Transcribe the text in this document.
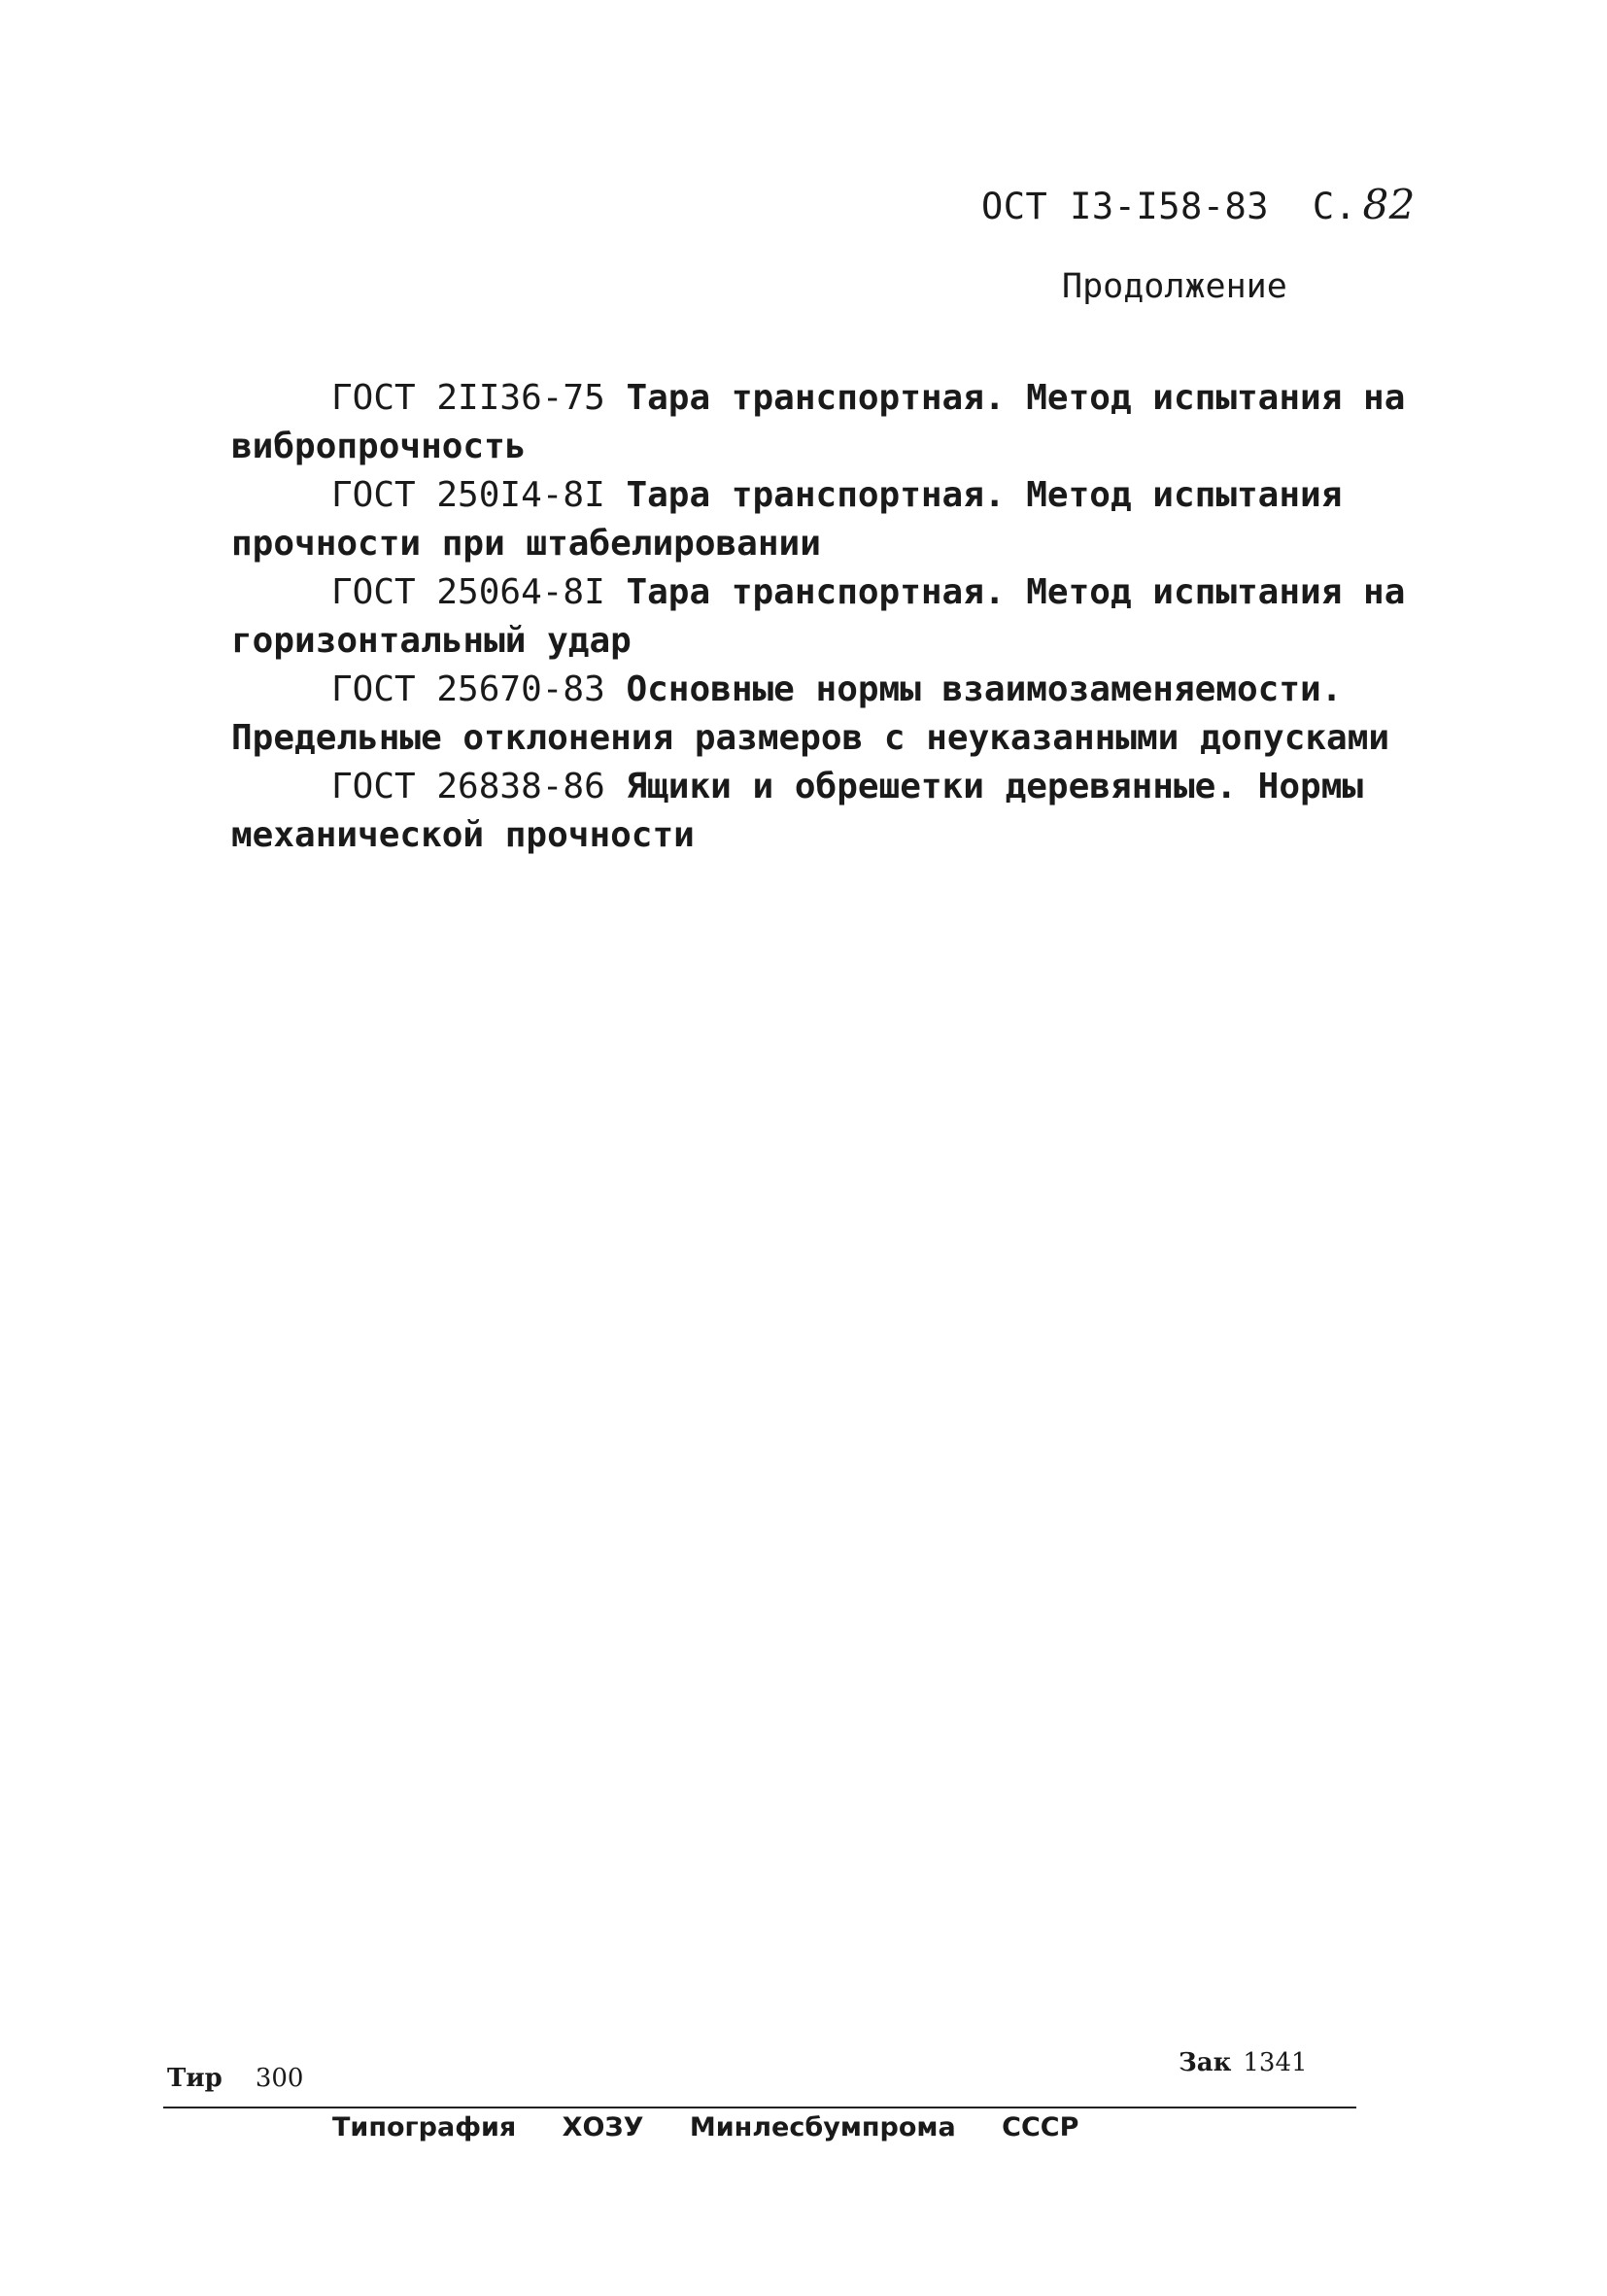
ОСТ I3-I58-83 С. 82
Продолжение

ГОСТ 2II36-75 Тара транспортная. Метод испытания на вибропрочность

ГОСТ 250I4-8I Тара транспортная. Метод испытания прочности при штабелировании

ГОСТ 25064-8I Тара транспортная. Метод испытания на горизонтальный удар

ГОСТ 25670-83 Основные нормы взаимозаменяемости. Предельные отклонения размеров с неуказанными допусками

ГОСТ 26838-86 Ящики и обрешетки деревянные. Нормы механической прочности

Тир 300
Зак 1341
Типография ХОЗУ Минлесбумпрома СССР
